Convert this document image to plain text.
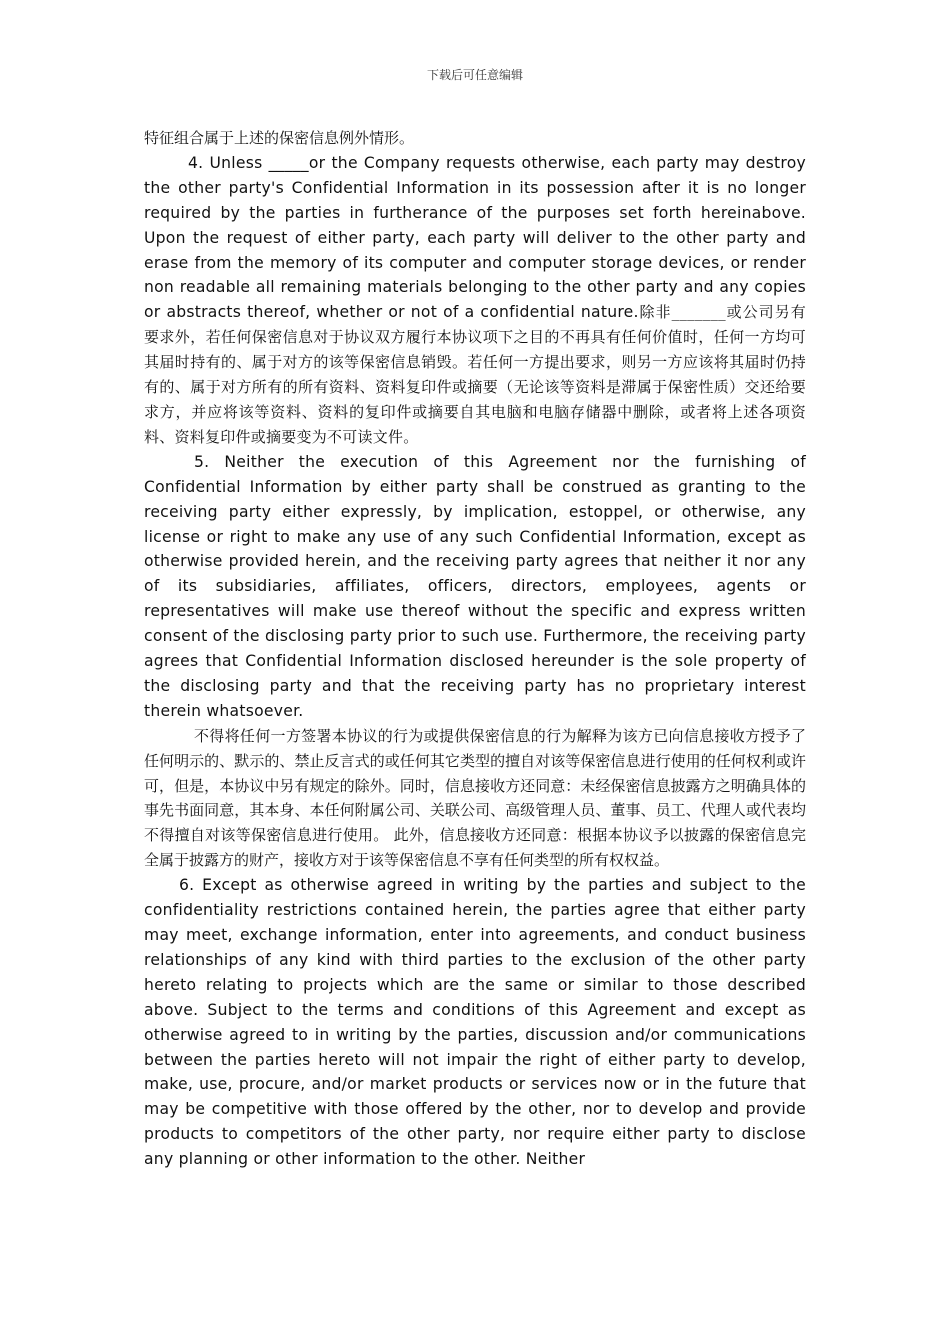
下载后可任意编辑

特征组合属于上述的保密信息例外情形。

4. Unless _____or the Company requests otherwise, each party may destroy the other party's Confidential Information in its possession after it is no longer required by the parties in furtherance of the purposes set forth hereinabove. Upon the request of either party, each party will deliver to the other party and erase from the memory of its computer and computer storage devices, or render non readable all remaining materials belonging to the other party and any copies or abstracts thereof, whether or not of a confidential nature.除非_______或公司另有要求外，若任何保密信息对于协议双方履行本协议项下之目的不再具有任何价值时，任何一方均可其届时持有的、属于对方的该等保密信息销毁。若任何一方提出要求，则另一方应该将其届时仍持有的、属于对方所有的所有资料、资料复印件或摘要（无论该等资料是滞属于保密性质）交还给要求方，并应将该等资料、资料的复印件或摘要自其电脑和电脑存储器中删除，或者将上述各项资料、资料复印件或摘要变为不可读文件。

5. Neither the execution of this Agreement nor the furnishing of Confidential Information by either party shall be construed as granting to the receiving party either expressly, by implication, estoppel, or otherwise, any license or right to make any use of any such Confidential Information, except as otherwise provided herein, and the receiving party agrees that neither it nor any of its subsidiaries, affiliates, officers, directors, employees, agents or representatives will make use thereof without the specific and express written consent of the disclosing party prior to such use. Furthermore, the receiving party agrees that Confidential Information disclosed hereunder is the sole property of the disclosing party and that the receiving party has no proprietary interest therein whatsoever.

不得将任何一方签署本协议的行为或提供保密信息的行为解释为该方已向信息接收方授予了任何明示的、默示的、禁止反言式的或任何其它类型的擅自对该等保密信息进行使用的任何权利或许可，但是，本协议中另有规定的除外。同时，信息接收方还同意：未经保密信息披露方之明确具体的事先书面同意，其本身、本任何附属公司、关联公司、高级管理人员、董事、员工、代理人或代表均不得擅自对该等保密信息进行使用。 此外，信息接收方还同意：根据本协议予以披露的保密信息完全属于披露方的财产，接收方对于该等保密信息不享有任何类型的所有权权益。

6. Except as otherwise agreed in writing by the parties and subject to the confidentiality restrictions contained herein, the parties agree that either party may meet, exchange information, enter into agreements, and conduct business relationships of any kind with third parties to the exclusion of the other party hereto relating to projects which are the same or similar to those described above. Subject to the terms and conditions of this Agreement and except as otherwise agreed to in writing by the parties, discussion and/or communications between the parties hereto will not impair the right of either party to develop, make, use, procure, and/or market products or services now or in the future that may be competitive with those offered by the other, nor to develop and provide products to competitors of the other party, nor require either party to disclose any planning or other information to the other. Neither
